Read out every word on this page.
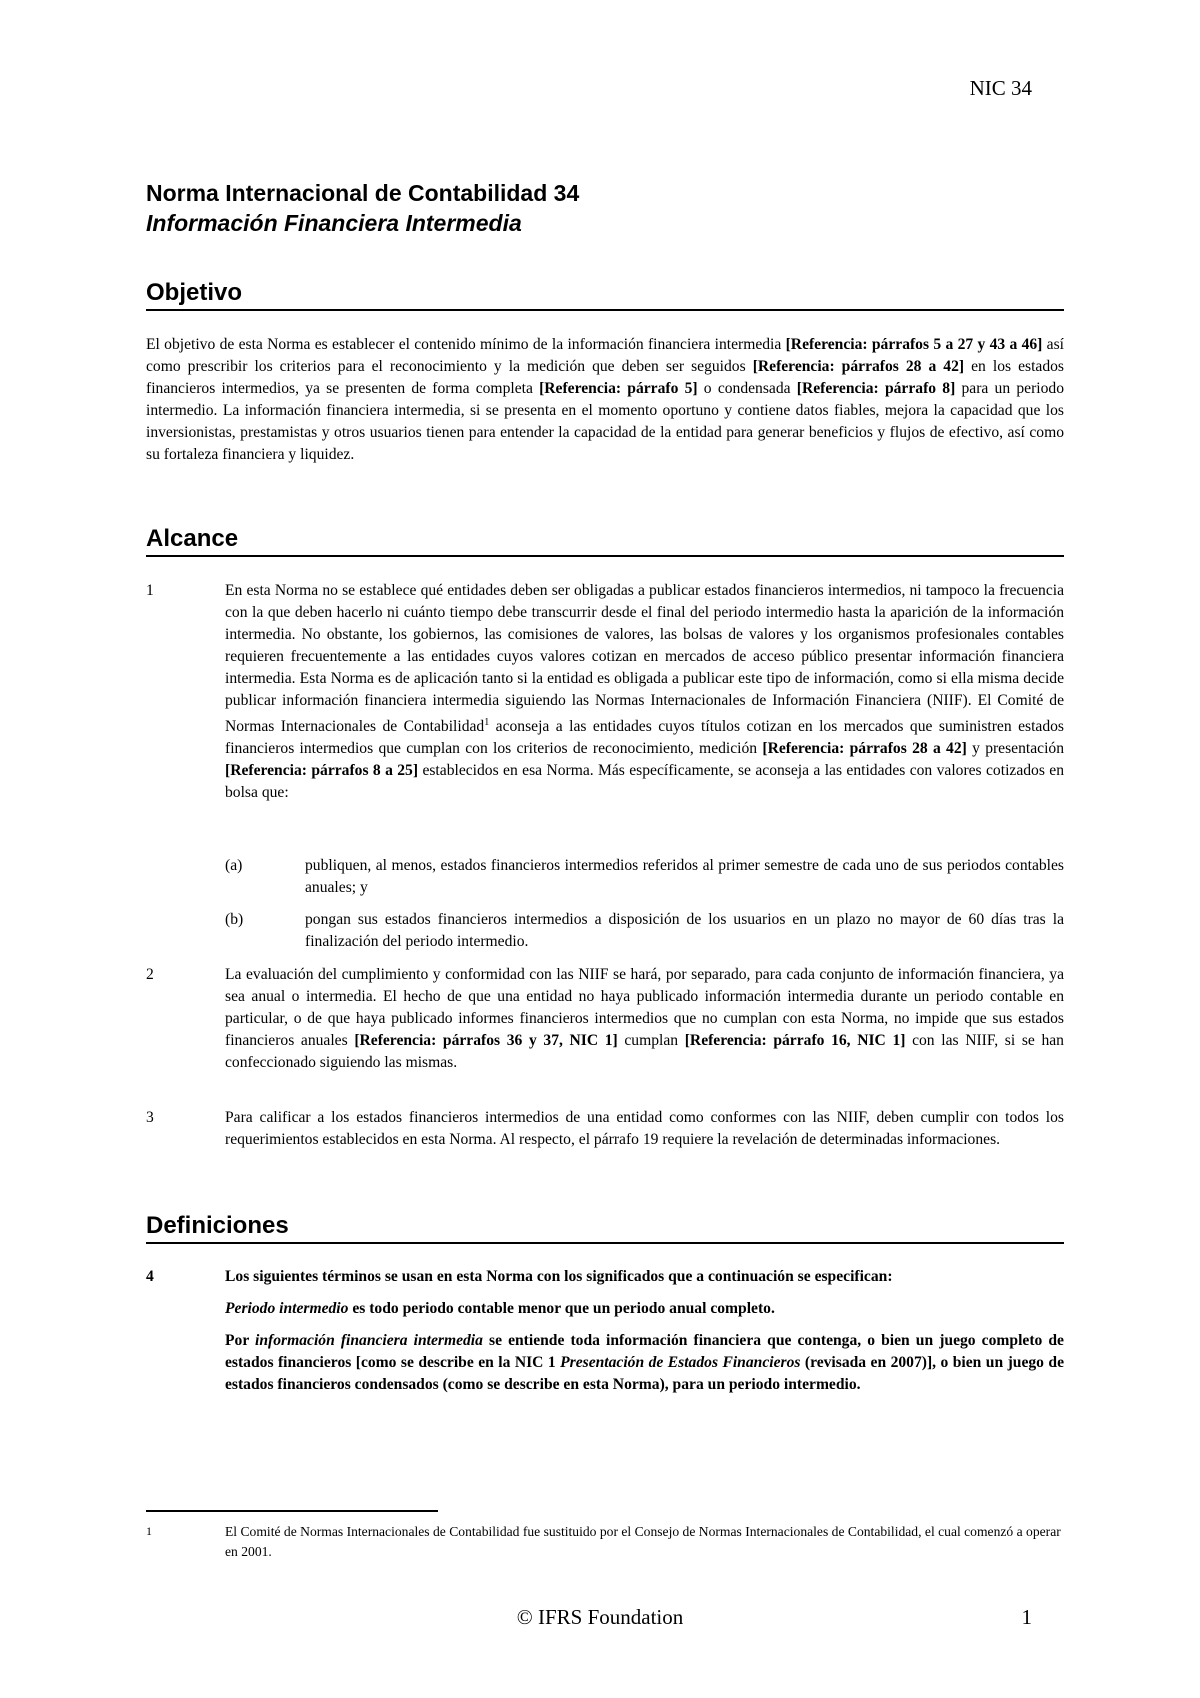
NIC 34
Norma Internacional de Contabilidad 34
Información Financiera Intermedia
Objetivo
El objetivo de esta Norma es establecer el contenido mínimo de la información financiera intermedia [Referencia: párrafos 5 a 27 y 43 a 46] así como prescribir los criterios para el reconocimiento y la medición que deben ser seguidos [Referencia: párrafos 28 a 42] en los estados financieros intermedios, ya se presenten de forma completa [Referencia: párrafo 5] o condensada [Referencia: párrafo 8] para un periodo intermedio. La información financiera intermedia, si se presenta en el momento oportuno y contiene datos fiables, mejora la capacidad que los inversionistas, prestamistas y otros usuarios tienen para entender la capacidad de la entidad para generar beneficios y flujos de efectivo, así como su fortaleza financiera y liquidez.
Alcance
1	En esta Norma no se establece qué entidades deben ser obligadas a publicar estados financieros intermedios, ni tampoco la frecuencia con la que deben hacerlo ni cuánto tiempo debe transcurrir desde el final del periodo intermedio hasta la aparición de la información intermedia. No obstante, los gobiernos, las comisiones de valores, las bolsas de valores y los organismos profesionales contables requieren frecuentemente a las entidades cuyos valores cotizan en mercados de acceso público presentar información financiera intermedia. Esta Norma es de aplicación tanto si la entidad es obligada a publicar este tipo de información, como si ella misma decide publicar información financiera intermedia siguiendo las Normas Internacionales de Información Financiera (NIIF). El Comité de Normas Internacionales de Contabilidad$^1$ aconseja a las entidades cuyos títulos cotizan en los mercados que suministren estados financieros intermedios que cumplan con los criterios de reconocimiento, medición [Referencia: párrafos 28 a 42] y presentación [Referencia: párrafos 8 a 25] establecidos en esa Norma. Más específicamente, se aconseja a las entidades con valores cotizados en bolsa que:
(a)	publiquen, al menos, estados financieros intermedios referidos al primer semestre de cada uno de sus periodos contables anuales; y
(b)	pongan sus estados financieros intermedios a disposición de los usuarios en un plazo no mayor de 60 días tras la finalización del periodo intermedio.
2	La evaluación del cumplimiento y conformidad con las NIIF se hará, por separado, para cada conjunto de información financiera, ya sea anual o intermedia. El hecho de que una entidad no haya publicado información intermedia durante un periodo contable en particular, o de que haya publicado informes financieros intermedios que no cumplan con esta Norma, no impide que sus estados financieros anuales [Referencia: párrafos 36 y 37, NIC 1] cumplan [Referencia: párrafo 16, NIC 1] con las NIIF, si se han confeccionado siguiendo las mismas.
3	Para calificar a los estados financieros intermedios de una entidad como conformes con las NIIF, deben cumplir con todos los requerimientos establecidos en esta Norma. Al respecto, el párrafo 19 requiere la revelación de determinadas informaciones.
Definiciones
4	Los siguientes términos se usan en esta Norma con los significados que a continuación se especifican:
Periodo intermedio es todo periodo contable menor que un periodo anual completo.
Por información financiera intermedia se entiende toda información financiera que contenga, o bien un juego completo de estados financieros [como se describe en la NIC 1 Presentación de Estados Financieros (revisada en 2007)], o bien un juego de estados financieros condensados (como se describe en esta Norma), para un periodo intermedio.
1	El Comité de Normas Internacionales de Contabilidad fue sustituido por el Consejo de Normas Internacionales de Contabilidad, el cual comenzó a operar en 2001.
© IFRS Foundation	1
